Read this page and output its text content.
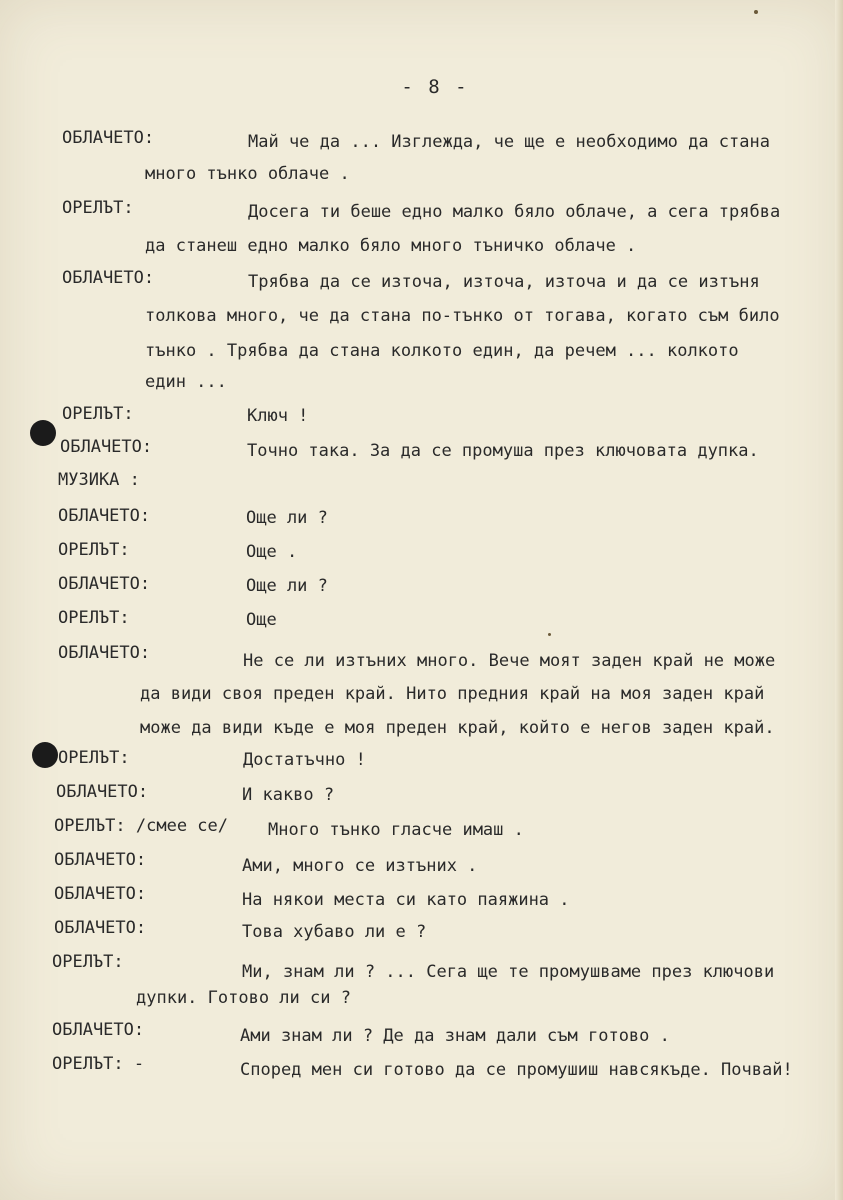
- 8 -
ОБЛАЧЕТО:	Май че да ... Изглежда, че ще е необходимо да стана
много тънко облаче .
ОРЕЛЪТ:	Досега ти беше едно малко бяло облаче, а сега трябва
да станеш едно малко бяло много тъничко облаче .
ОБЛАЧЕТО:	Трябва да се източа, източа, източа и да се изтъня
толкова много, че да стана по-тънко от тогава, когато съм било
тънко . Трябва да стана колкото един, да речем ... колкото
един ...
ОРЕЛЪТ:	Ключ !
ОБЛАЧЕТО:	Точно така. За да се промуша през ключовата дупка.
МУЗИКА :
ОБЛАЧЕТО:	Още ли ?
ОРЕЛЪТ:	Още .
ОБЛАЧЕТО:	Още ли ?
ОРЕЛЪТ:	Още
ОБЛАЧЕТО:	Не се ли изтъних много. Вече моят заден край не може
да види своя преден край. Нито предния край на моя заден край
може да види къде е моя преден край, който е негов заден край.
ОРЕЛЪТ:	Достатъчно !
ОБЛАЧЕТО:	И какво ?
ОРЕЛЪТ: /смее се/ Много тънко гласче имаш .
ОБЛАЧЕТО:	Ами, много се изтъних .
ОБЛАЧЕТО:	На някои места си като паяжина .
ОБЛАЧЕТО:	Това хубаво ли е ?
ОРЕЛЪТ:	Ми, знам ли ? ... Сега ще те промушваме през ключови
дупки. Готово ли си ?
ОБЛАЧЕТО:	Ами знам ли ? Де да знам дали съм готово .
ОРЕЛЪТ: -	Според мен си готово да се промушиш навсякъде. Почвай!
